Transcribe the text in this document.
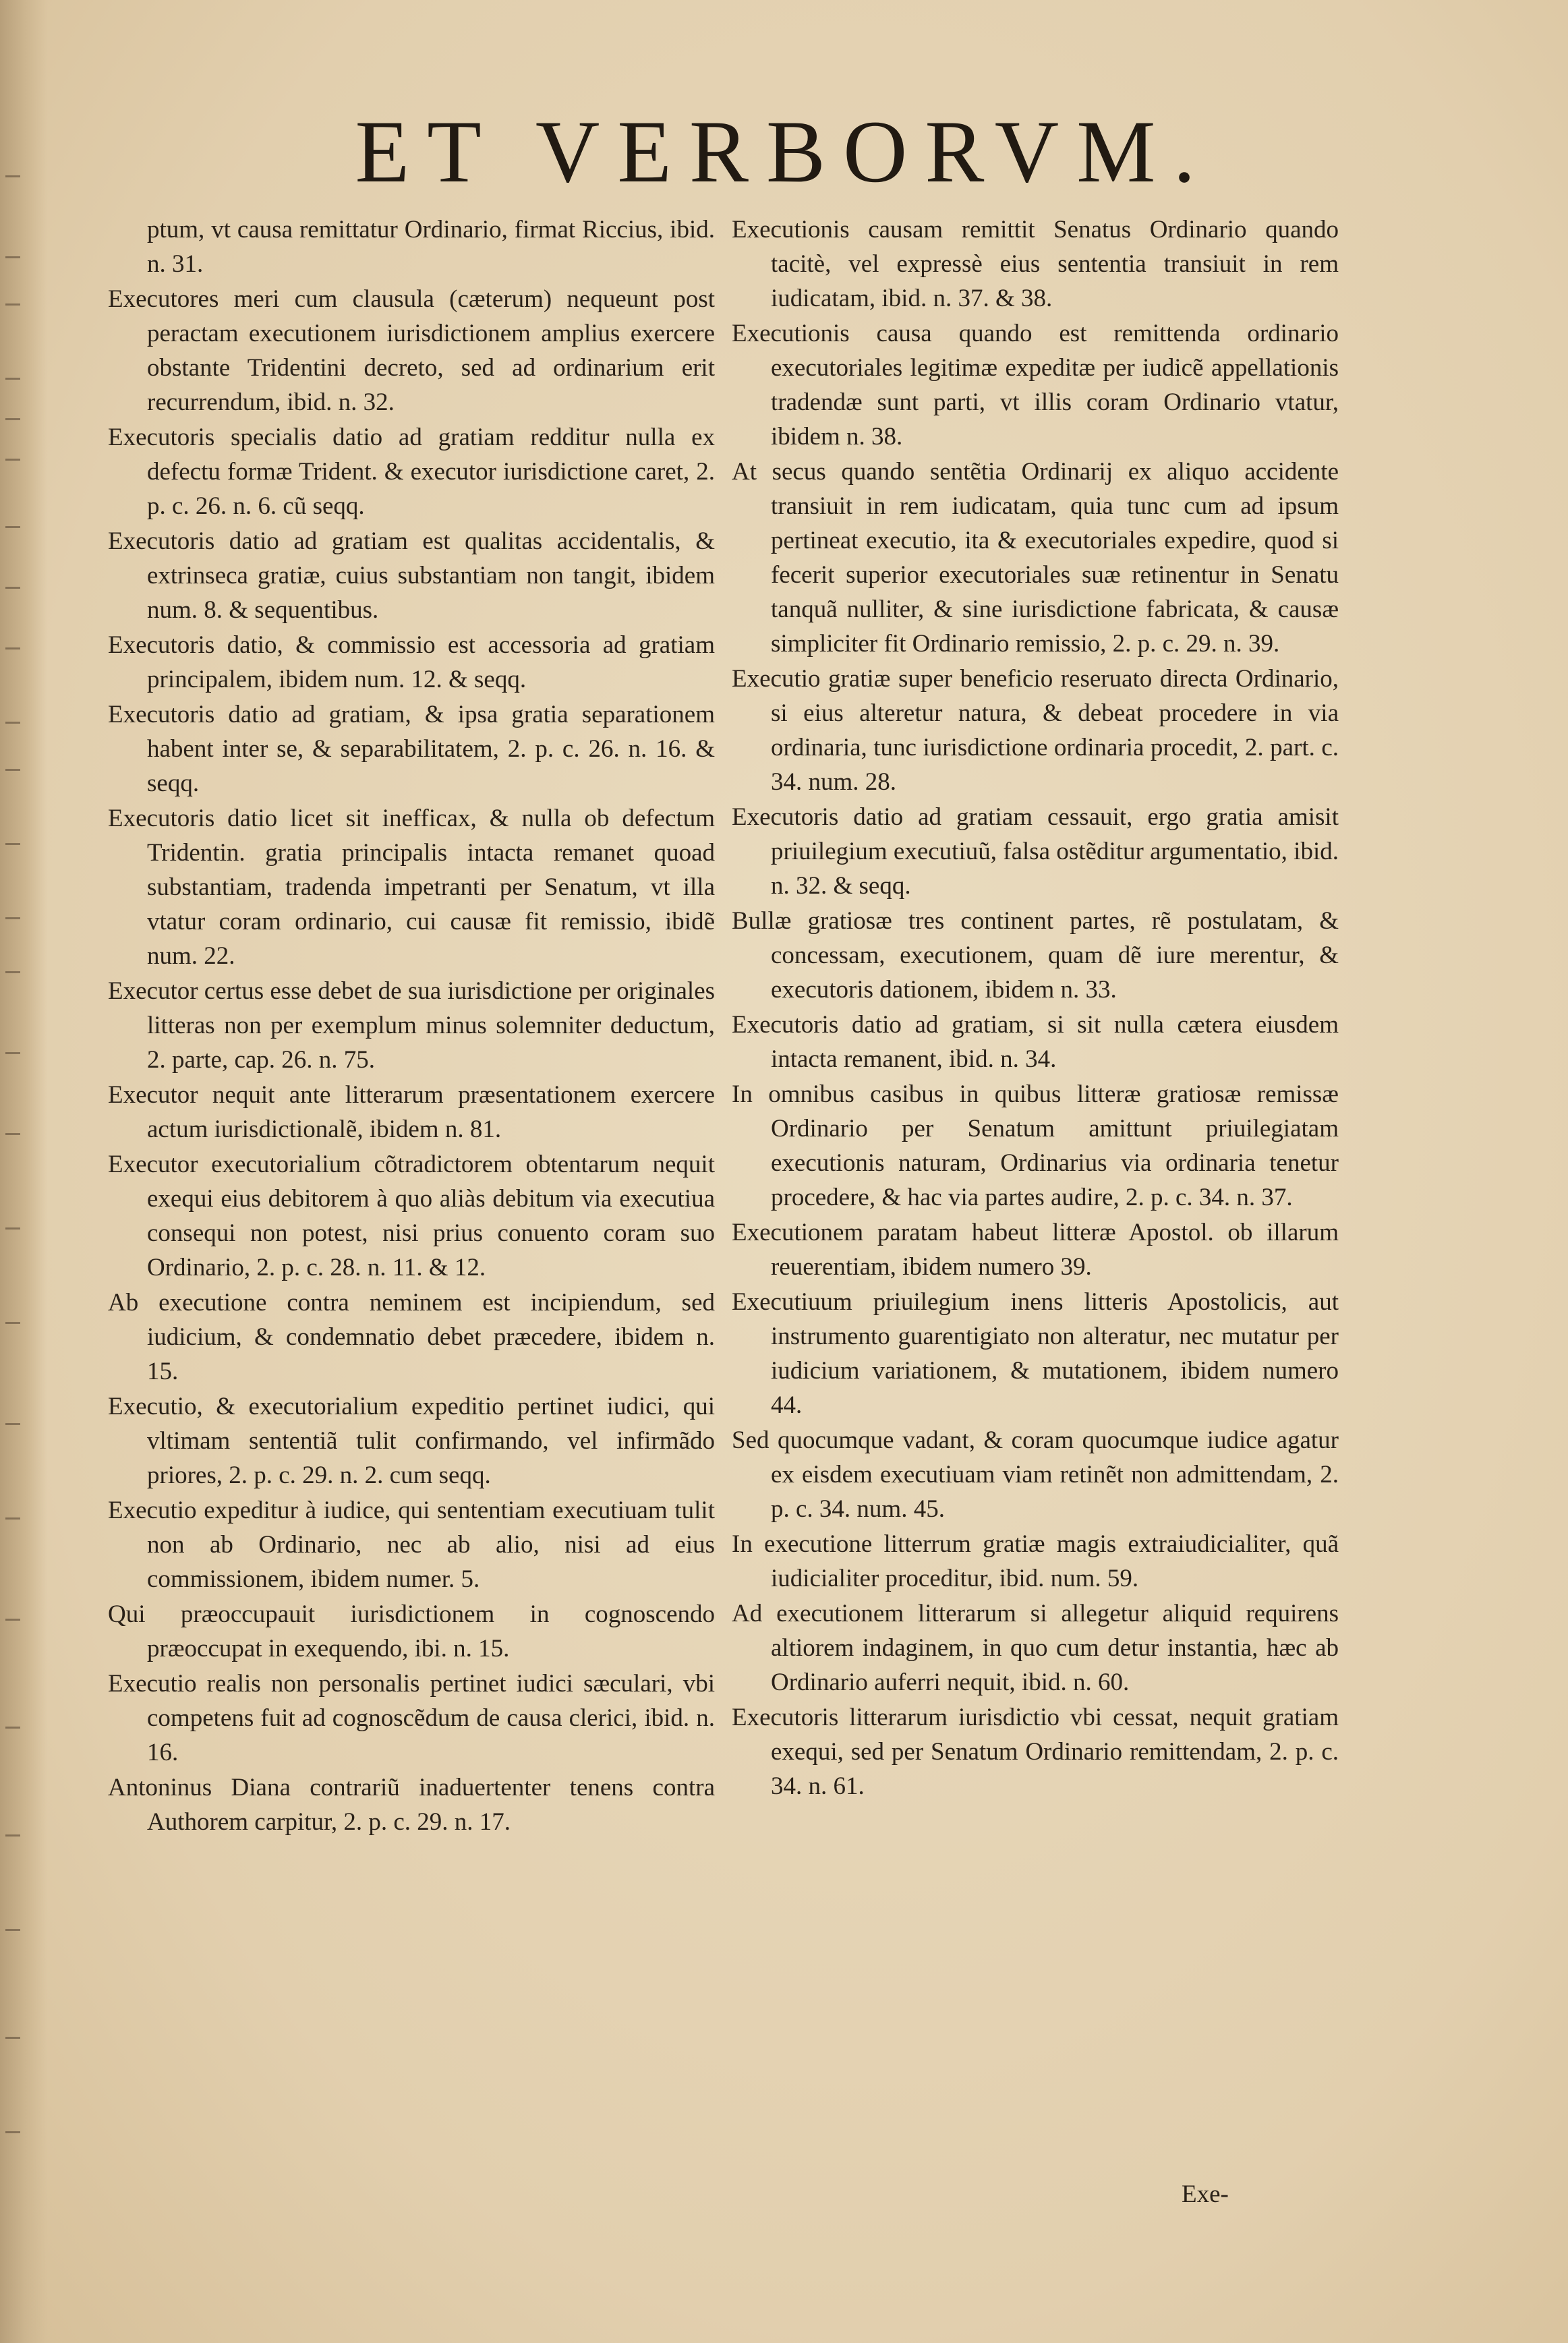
ET VERBORVM.

ptum, vt causa remittatur Ordinario, firmat Riccius, ibid. n. 31.

Executores meri cum clausula (cæterum) nequeunt post peractam executionem iurisdictionem amplius exercere obstante Tridentini decreto, sed ad ordinarium erit recurrendum, ibid. n. 32.

Executoris specialis datio ad gratiam redditur nulla ex defectu formæ Trident. & executor iurisdictione caret, 2. p. c. 26. n. 6. cũ seqq.

Executoris datio ad gratiam est qualitas accidentalis, & extrinseca gratiæ, cuius substantiam non tangit, ibidem num. 8. & sequentibus.

Executoris datio, & commissio est accessoria ad gratiam principalem, ibidem num. 12. & seqq.

Executoris datio ad gratiam, & ipsa gratia separationem habent inter se, & separabilitatem, 2. p. c. 26. n. 16. & seqq.

Executoris datio licet sit inefficax, & nulla ob defectum Tridentin. gratia principalis intacta remanet quoad substantiam, tradenda impetranti per Senatum, vt illa vtatur coram ordinario, cui causæ fit remissio, ibidẽ num. 22.

Executor certus esse debet de sua iurisdictione per originales litteras non per exemplum minus solemniter deductum, 2. parte, cap. 26. n. 75.

Executor nequit ante litterarum præsentationem exercere actum iurisdictionalẽ, ibidem n. 81.

Executor executorialium cõtradictorem obtentarum nequit exequi eius debitorem à quo aliàs debitum via executiua consequi non potest, nisi prius conuento coram suo Ordinario, 2. p. c. 28. n. 11. & 12.

Ab executione contra neminem est incipiendum, sed iudicium, & condemnatio debet præcedere, ibidem n. 15.

Executio, & executorialium expeditio pertinet iudici, qui vltimam sententiã tulit confirmando, vel infirmãdo priores, 2. p. c. 29. n. 2. cum seqq.

Executio expeditur à iudice, qui sententiam executiuam tulit non ab Ordinario, nec ab alio, nisi ad eius commissionem, ibidem numer. 5.

Qui præoccupauit iurisdictionem in cognoscendo præoccupat in exequendo, ibi. n. 15.

Executio realis non personalis pertinet iudici sæculari, vbi competens fuit ad cognoscẽdum de causa clerici, ibid. n. 16.

Antoninus Diana contrariũ inaduertenter tenens contra Authorem carpitur, 2. p. c. 29. n. 17.

Executionis causam remittit Senatus Ordinario quando tacitè, vel expressè eius sententia transiuit in rem iudicatam, ibid. n. 37. & 38.

Executionis causa quando est remittenda ordinario executoriales legitimæ expeditæ per iudicẽ appellationis tradendæ sunt parti, vt illis coram Ordinario vtatur, ibidem n. 38.

At secus quando sentẽtia Ordinarij ex aliquo accidente transiuit in rem iudicatam, quia tunc cum ad ipsum pertineat executio, ita & executoriales expedire, quod si fecerit superior executoriales suæ retinentur in Senatu tanquã nulliter, & sine iurisdictione fabricata, & causæ simpliciter fit Ordinario remissio, 2. p. c. 29. n. 39.

Executio gratiæ super beneficio reseruato directa Ordinario, si eius alteretur natura, & debeat procedere in via ordinaria, tunc iurisdictione ordinaria procedit, 2. part. c. 34. num. 28.

Executoris datio ad gratiam cessauit, ergo gratia amisit priuilegium executiuũ, falsa ostẽditur argumentatio, ibid. n. 32. & seqq.

Bullæ gratiosæ tres continent partes, rẽ postulatam, & concessam, executionem, quam dẽ iure merentur, & executoris dationem, ibidem n. 33.

Executoris datio ad gratiam, si sit nulla cætera eiusdem intacta remanent, ibid. n. 34.

In omnibus casibus in quibus litteræ gratiosæ remissæ Ordinario per Senatum amittunt priuilegiatam executionis naturam, Ordinarius via ordinaria tenetur procedere, & hac via partes audire, 2. p. c. 34. n. 37.

Executionem paratam habeut litteræ Apostol. ob illarum reuerentiam, ibidem numero 39.

Executiuum priuilegium inens litteris Apostolicis, aut instrumento guarentigiato non alteratur, nec mutatur per iudicium variationem, & mutationem, ibidem numero 44.

Sed quocumque vadant, & coram quocumque iudice agatur ex eisdem executiuam viam retinẽt non admittendam, 2. p. c. 34. num. 45.

In executione litterrum gratiæ magis extraiudicialiter, quã iudicialiter proceditur, ibid. num. 59.

Ad executionem litterarum si allegetur aliquid requirens altiorem indaginem, in quo cum detur instantia, hæc ab Ordinario auferri nequit, ibid. n. 60.

Executoris litterarum iurisdictio vbi cessat, nequit gratiam exequi, sed per Senatum Ordinario remittendam, 2. p. c. 34. n. 61.

Exe-
